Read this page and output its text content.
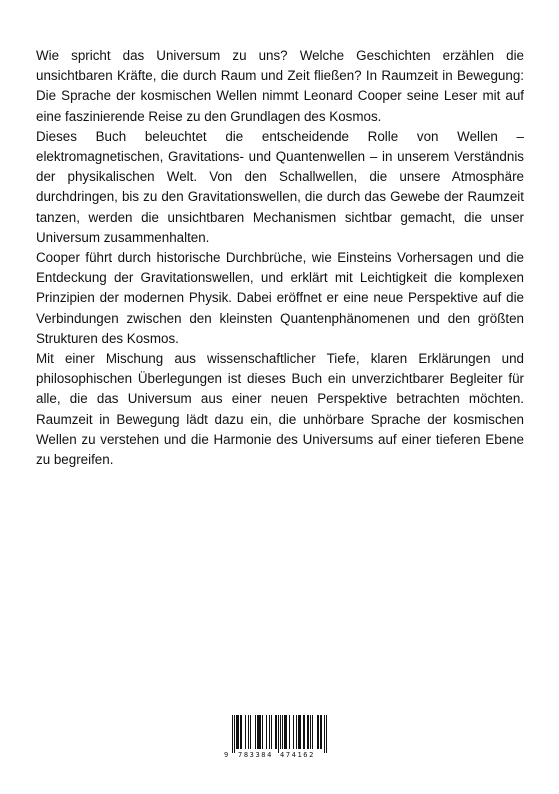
Wie spricht das Universum zu uns? Welche Geschichten erzählen die unsichtbaren Kräfte, die durch Raum und Zeit fließen? In Raumzeit in Bewegung: Die Sprache der kosmischen Wellen nimmt Leonard Cooper seine Leser mit auf eine faszinierende Reise zu den Grundlagen des Kosmos.

Dieses Buch beleuchtet die entscheidende Rolle von Wellen – elektromagnetischen, Gravitations- und Quantenwellen – in unserem Verständnis der physikalischen Welt. Von den Schallwellen, die unsere Atmosphäre durchdringen, bis zu den Gravitationswellen, die durch das Gewebe der Raumzeit tanzen, werden die unsichtbaren Mechanismen sichtbar gemacht, die unser Universum zusammenhalten.

Cooper führt durch historische Durchbrüche, wie Einsteins Vorhersagen und die Entdeckung der Gravitationswellen, und erklärt mit Leichtigkeit die komplexen Prinzipien der modernen Physik. Dabei eröffnet er eine neue Perspektive auf die Verbindungen zwischen den kleinsten Quantenphänomenen und den größten Strukturen des Kosmos.

Mit einer Mischung aus wissenschaftlicher Tiefe, klaren Erklärungen und philosophischen Überlegungen ist dieses Buch ein unverzichtbarer Begleiter für alle, die das Universum aus einer neuen Perspektive betrachten möchten. Raumzeit in Bewegung lädt dazu ein, die unhörbare Sprache der kosmischen Wellen zu verstehen und die Harmonie des Universums auf einer tieferen Ebene zu begreifen.

9 783384 474162
